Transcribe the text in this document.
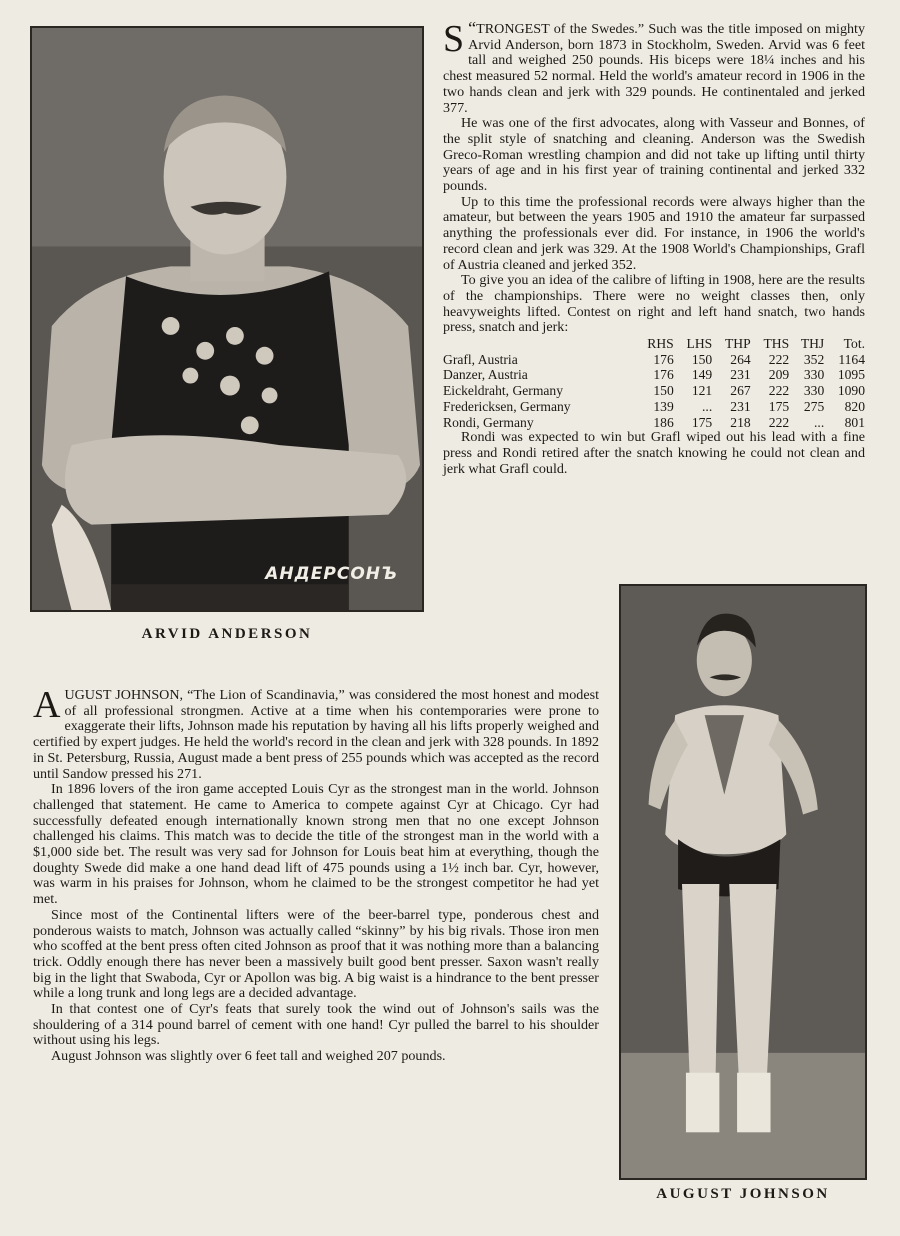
АНДЕРСОНЪ
ARVID ANDERSON

“
S TRONGEST of the Swedes.” Such was the title imposed on mighty Arvid Anderson, born 1873 in Stockholm, Sweden. Arvid was 6 feet tall and weighed 250 pounds. His biceps were 18¼ inches and his chest measured 52 normal. Held the world's amateur record in 1906 in the two hands clean and jerk with 329 pounds. He continentaled and jerked 377.

He was one of the first advocates, along with Vasseur and Bonnes, of the split style of snatching and cleaning. Anderson was the Swedish Greco-Roman wrestling champion and did not take up lifting until thirty years of age and in his first year of training continental and jerked 332 pounds.

Up to this time the professional records were always higher than the amateur, but between the years 1905 and 1910 the amateur far surpassed anything the professionals ever did. For instance, in 1906 the world's record clean and jerk was 329. At the 1908 World's Championships, Grafl of Austria cleaned and jerked 352.

To give you an idea of the calibre of lifting in 1908, here are the results of the championships. There were no weight classes then, only heavyweights lifted. Contest on right and left hand snatch, two hands press, snatch and jerk:

	RHS	LHS	THP	THS	THJ	Tot.
Grafl, Austria	176	150	264	222	352	1164
Danzer, Austria	176	149	231	209	330	1095
Eickeldraht, Germany	150	121	267	222	330	1090
Fredericksen, Germany	139	...	231	175	275	820
Rondi, Germany	186	175	218	222	...	801

Rondi was expected to win but Grafl wiped out his lead with a fine press and Rondi retired after the snatch knowing he could not clean and jerk what Grafl could.

AUGUST JOHNSON, “The Lion of Scandinavia,” was considered the most honest and modest of all professional strongmen. Active at a time when his contemporaries were prone to exaggerate their lifts, Johnson made his reputation by having all his lifts properly weighed and certified by expert judges. He held the world's record in the clean and jerk with 328 pounds. In 1892 in St. Petersburg, Russia, August made a bent press of 255 pounds which was accepted as the record until Sandow pressed his 271.

In 1896 lovers of the iron game accepted Louis Cyr as the strongest man in the world. Johnson challenged that statement. He came to America to compete against Cyr at Chicago. Cyr had successfully defeated enough internationally known strong men that no one except Johnson challenged his claims. This match was to decide the title of the strongest man in the world with a $1,000 side bet. The result was very sad for Johnson for Louis beat him at everything, though the doughty Swede did make a one hand dead lift of 475 pounds using a 1½ inch bar. Cyr, however, was warm in his praises for Johnson, whom he claimed to be the strongest competitor he had yet met.

Since most of the Continental lifters were of the beer-barrel type, ponderous chest and ponderous waists to match, Johnson was actually called “skinny” by his big rivals. Those iron men who scoffed at the bent press often cited Johnson as proof that it was nothing more than a balancing trick. Oddly enough there has never been a massively built good bent presser. Saxon wasn't really big in the light that Swaboda, Cyr or Apollon was big. A big waist is a hindrance to the bent presser while a long trunk and long legs are a decided advantage.

In that contest one of Cyr's feats that surely took the wind out of Johnson's sails was the shouldering of a 314 pound barrel of cement with one hand! Cyr pulled the barrel to his shoulder without using his legs.

August Johnson was slightly over 6 feet tall and weighed 207 pounds.

AUGUST JOHNSON
